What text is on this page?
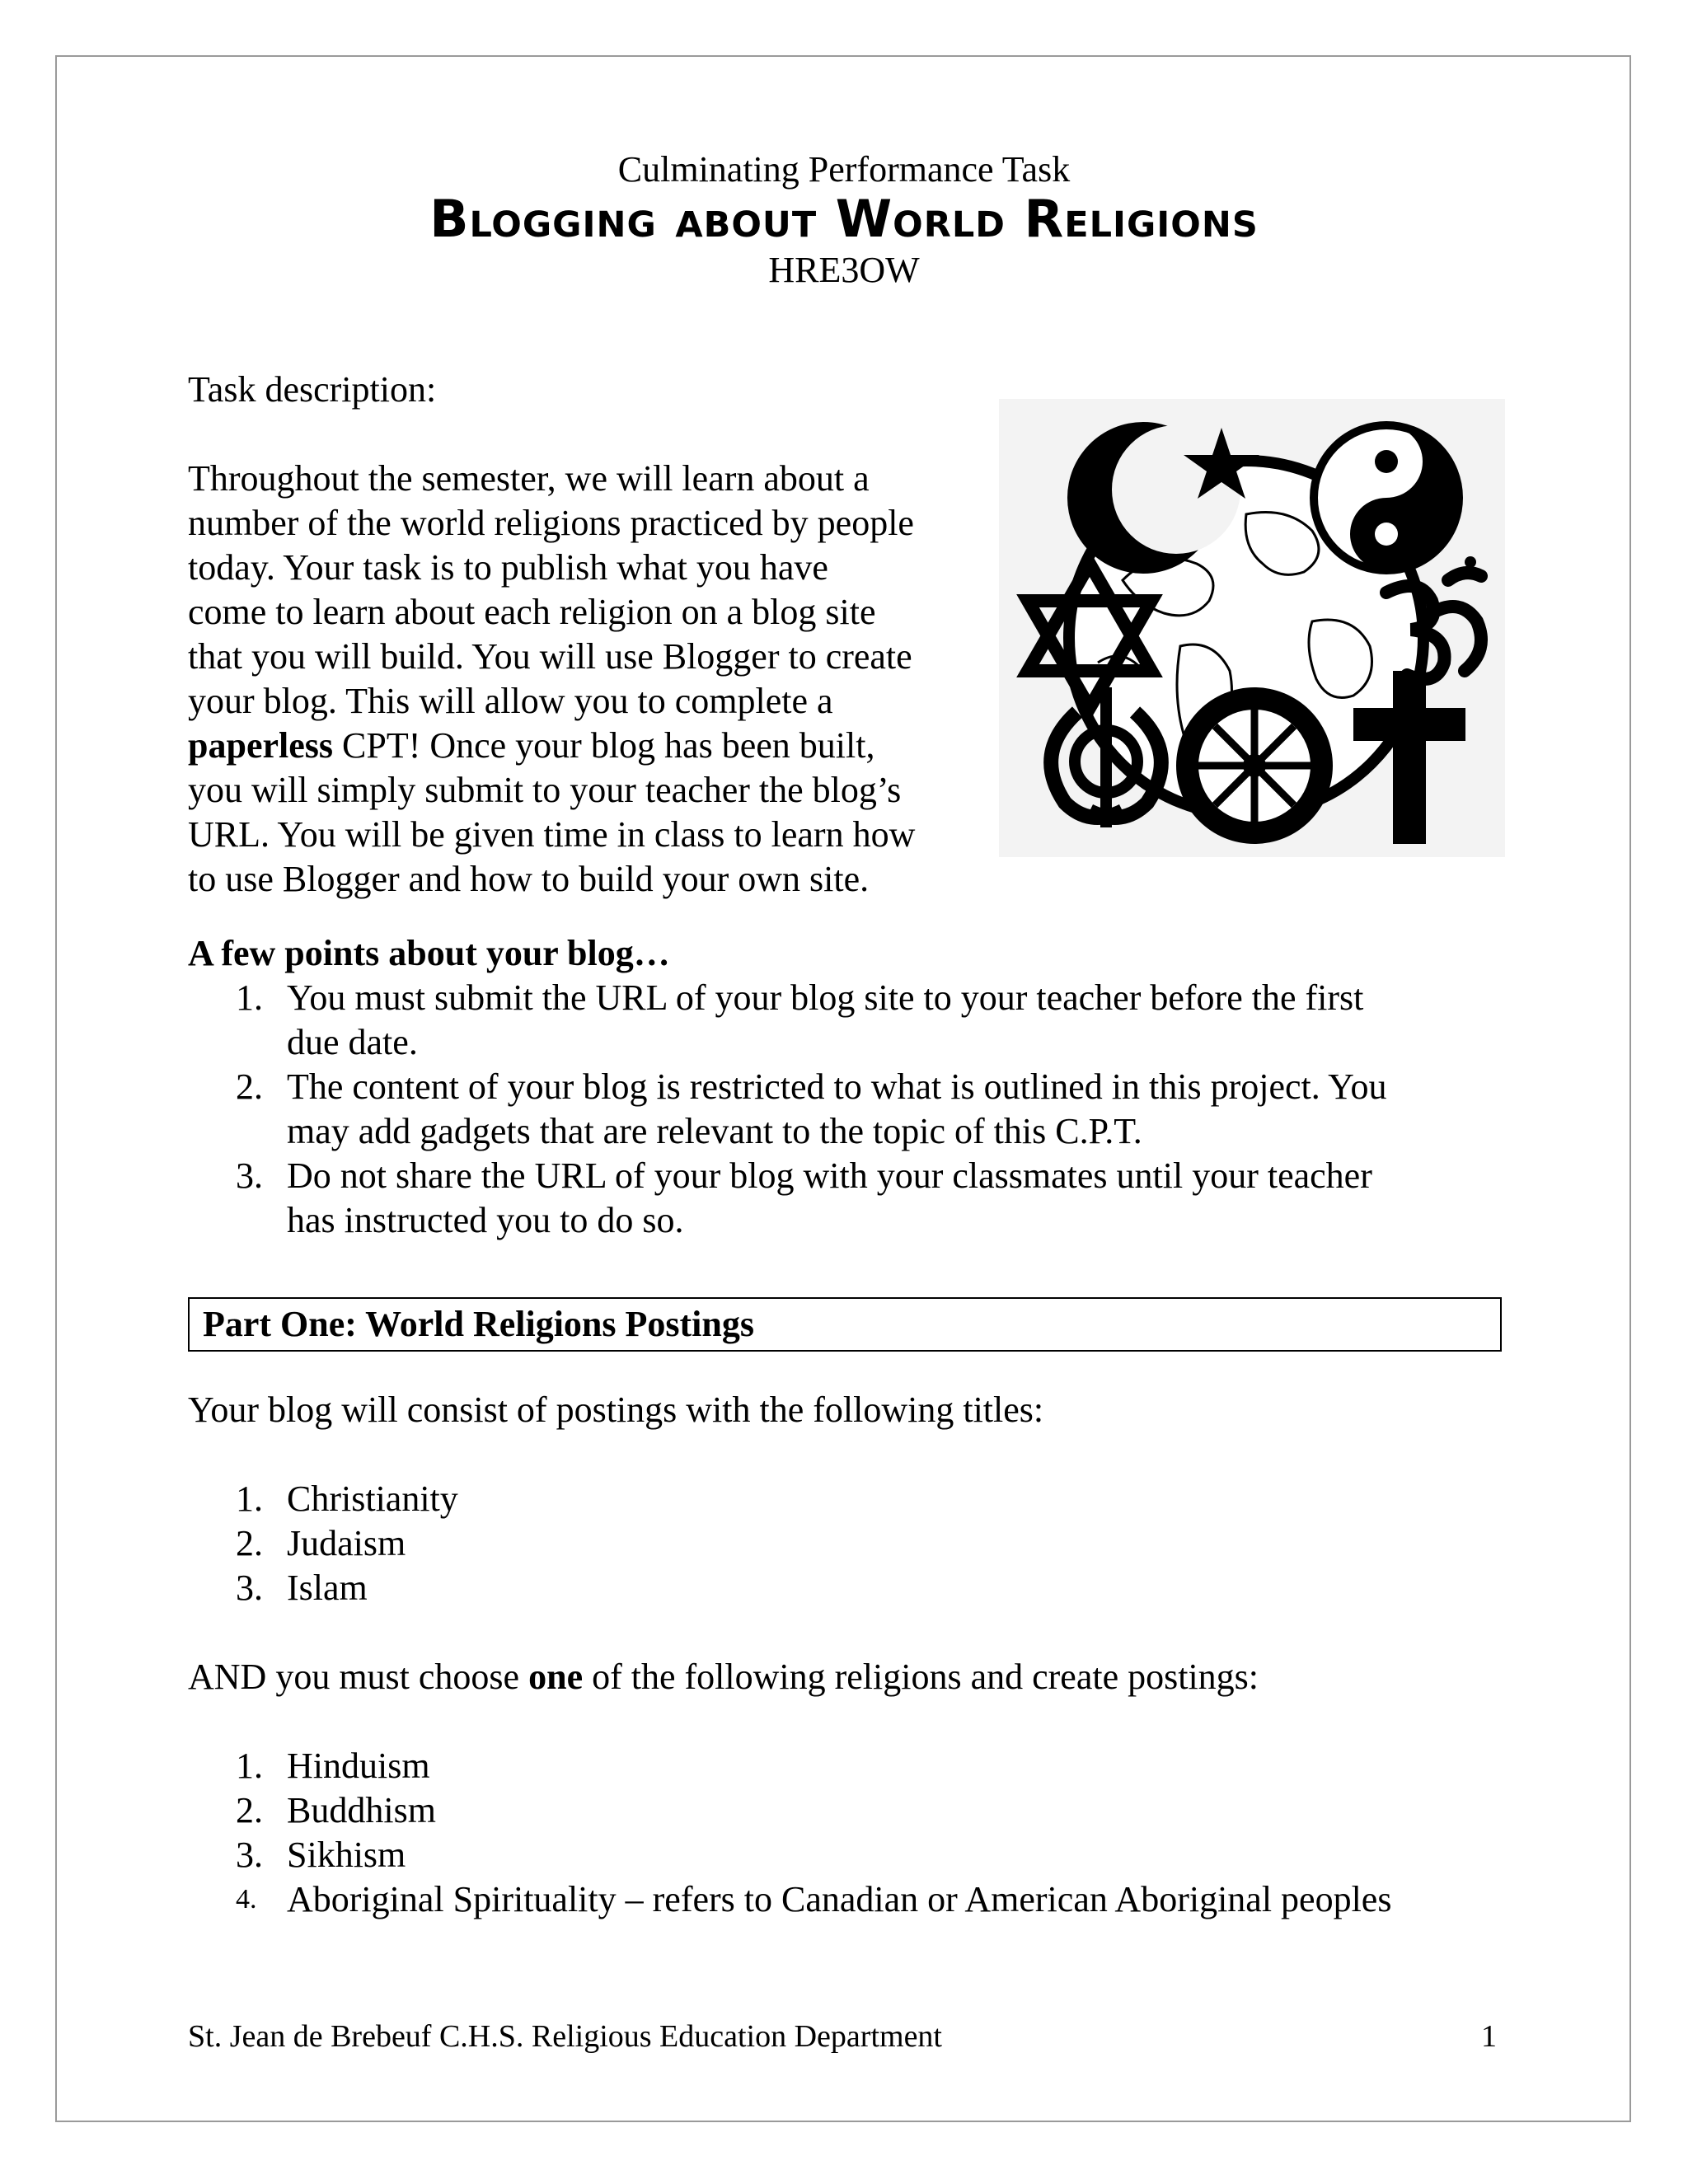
Culminating Performance Task
Blogging about World Religions
HRE3OW
Task description:
Throughout the semester, we will learn about a
number of the world religions practiced by people
today. Your task is to publish what you have
come to learn about each religion on a blog site
that you will build. You will use Blogger to create
your blog. This will allow you to complete a
paperless CPT! Once your blog has been built,
you will simply submit to your teacher the blog’s
URL. You will be given time in class to learn how
to use Blogger and how to build your own site.
A few points about your blog…
1. You must submit the URL of your blog site to your teacher before the first
due date.
2. The content of your blog is restricted to what is outlined in this project. You
may add gadgets that are relevant to the topic of this C.P.T.
3. Do not share the URL of your blog with your classmates until your teacher
has instructed you to do so.
Part One: World Religions Postings
Your blog will consist of postings with the following titles:
1. Christianity
2. Judaism
3. Islam
AND you must choose one of the following religions and create postings:
1. Hinduism
2. Buddhism
3. Sikhism
4. Aboriginal Spirituality – refers to Canadian or American Aboriginal peoples
St. Jean de Brebeuf C.H.S. Religious Education Department	1
